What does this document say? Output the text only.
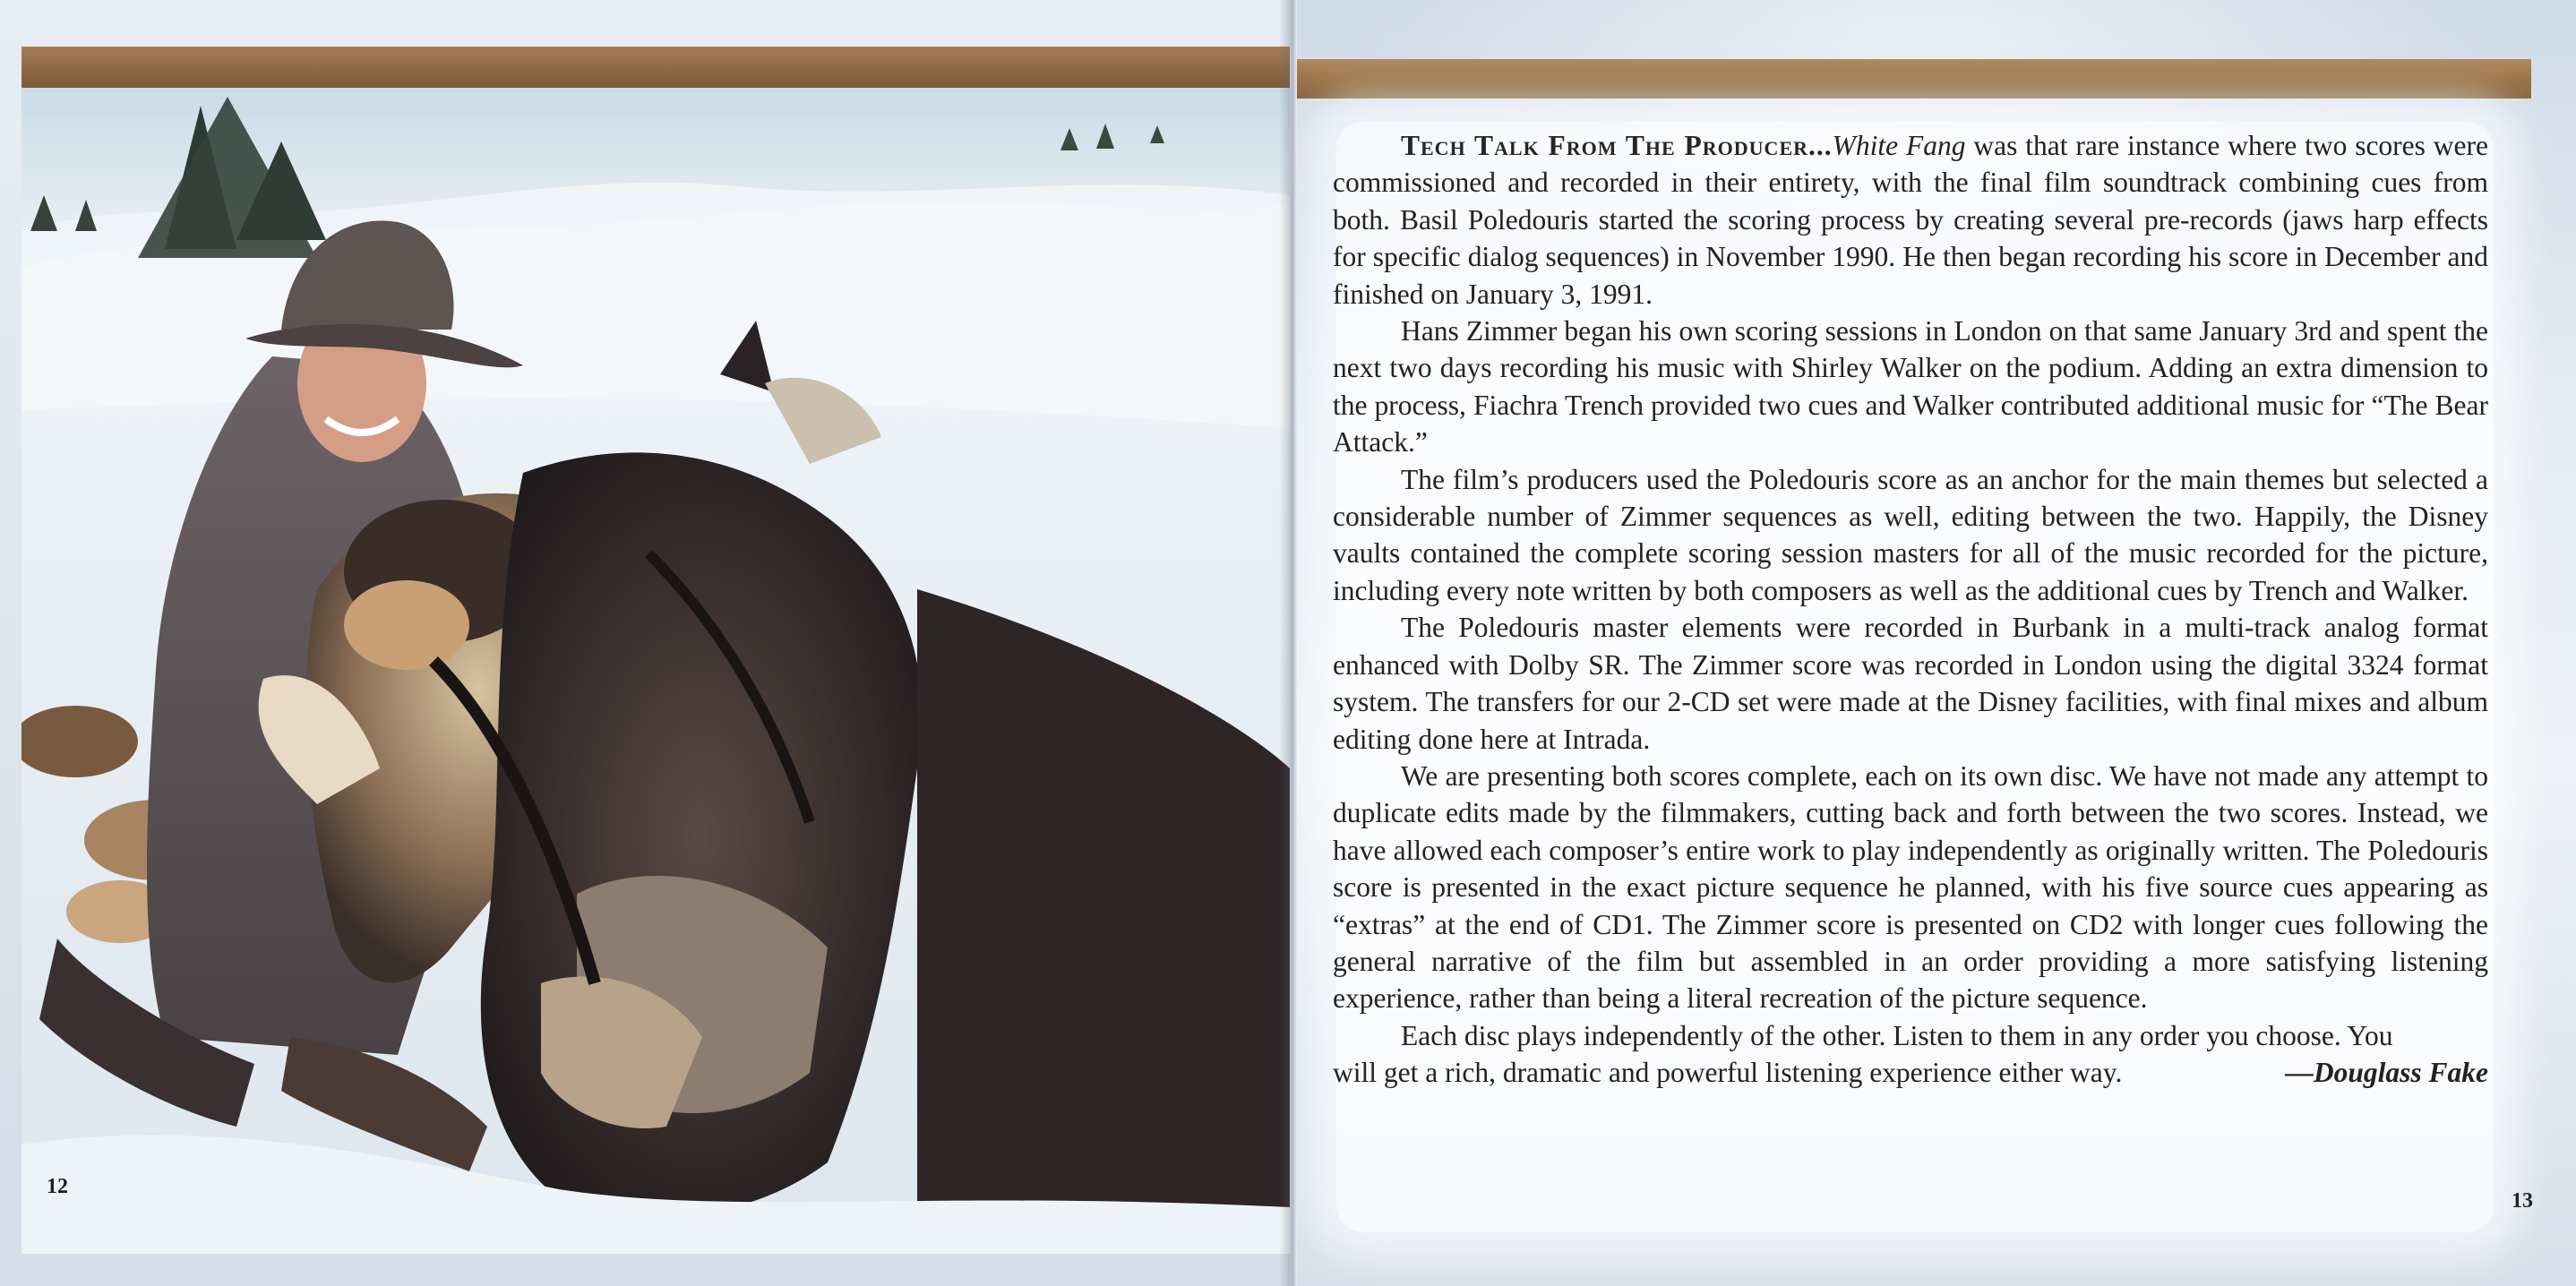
12

Tech Talk From The Producer...White Fang was that rare instance where two scores were commissioned and recorded in their entirety, with the final film soundtrack combining cues from both. Basil Poledouris started the scoring process by creating several pre-records (jaws harp effects for specific dialog sequences) in November 1990. He then began recording his score in December and finished on January 3, 1991.

Hans Zimmer began his own scoring sessions in London on that same January 3rd and spent the next two days recording his music with Shirley Walker on the podium. Adding an extra dimension to the process, Fiachra Trench provided two cues and Walker contributed additional music for “The Bear Attack.”

The film’s producers used the Poledouris score as an anchor for the main themes but selected a considerable number of Zimmer sequences as well, editing between the two. Happily, the Disney vaults contained the complete scoring session masters for all of the music recorded for the picture, including every note written by both composers as well as the additional cues by Trench and Walker.

The Poledouris master elements were recorded in Burbank in a multi-track analog format enhanced with Dolby SR. The Zimmer score was recorded in London using the digital 3324 format system. The transfers for our 2-CD set were made at the Disney facilities, with final mixes and album editing done here at Intrada.

We are presenting both scores complete, each on its own disc. We have not made any attempt to duplicate edits made by the filmmakers, cutting back and forth between the two scores. Instead, we have allowed each composer’s entire work to play independently as originally written. The Poledouris score is presented in the exact picture sequence he planned, with his five source cues appearing as “extras” at the end of CD1. The Zimmer score is presented on CD2 with longer cues following the general narrative of the film but assembled in an order providing a more satisfying listening experience, rather than being a literal recreation of the picture sequence.

Each disc plays independently of the other. Listen to them in any order you choose. You

will get a rich, dramatic and powerful listening experience either way.	—Douglass Fake
13
